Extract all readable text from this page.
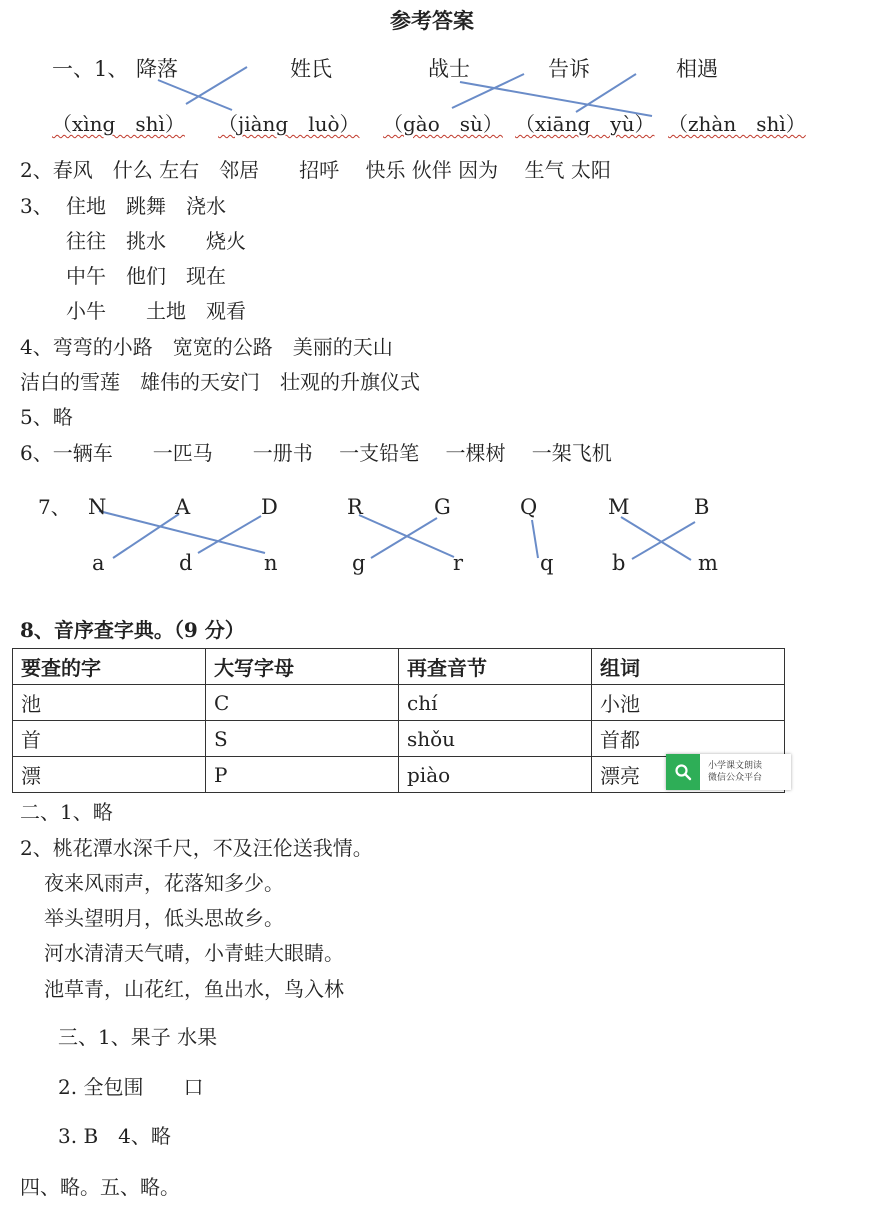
参考答案
一、1、 降落	姓氏	战士	告诉	相遇
（xìng　shì） （jiàng　luò） （gào　sù） （xiāng　yù） （zhàn　shì）
2、春风　什么 左右　邻居　　招呼　 快乐 伙伴 因为　 生气 太阳
3、 住地　跳舞　浇水
往往　挑水　　烧火
中午　他们　现在
小牛　　土地　观看
4、弯弯的小路　宽宽的公路　美丽的天山
洁白的雪莲　雄伟的天安门　壮观的升旗仪式
5、略
6、一辆车　　一匹马　　一册书　 一支铅笔　 一棵树　 一架飞机
7、 N	A	D	R	G	Q	M	B
a	d	n	g	r	q	b	m
8、音序查字典。（9 分）
要查的字	大写字母	再查音节	组词
池	C	chí	小池
首	S	shǒu	首都
漂	P	piào	漂亮	小学课文朗读
微信公众平台
二、1、略
2、桃花潭水深千尺，不及汪伦送我情。
夜来风雨声，花落知多少。
举头望明月，低头思故乡。
河水清清天气晴，小青蛙大眼睛。
池草青，山花红，鱼出水，鸟入林
三、1、果子 水果
2. 全包围　　口
3. B　4、略
四、略。五、略。
